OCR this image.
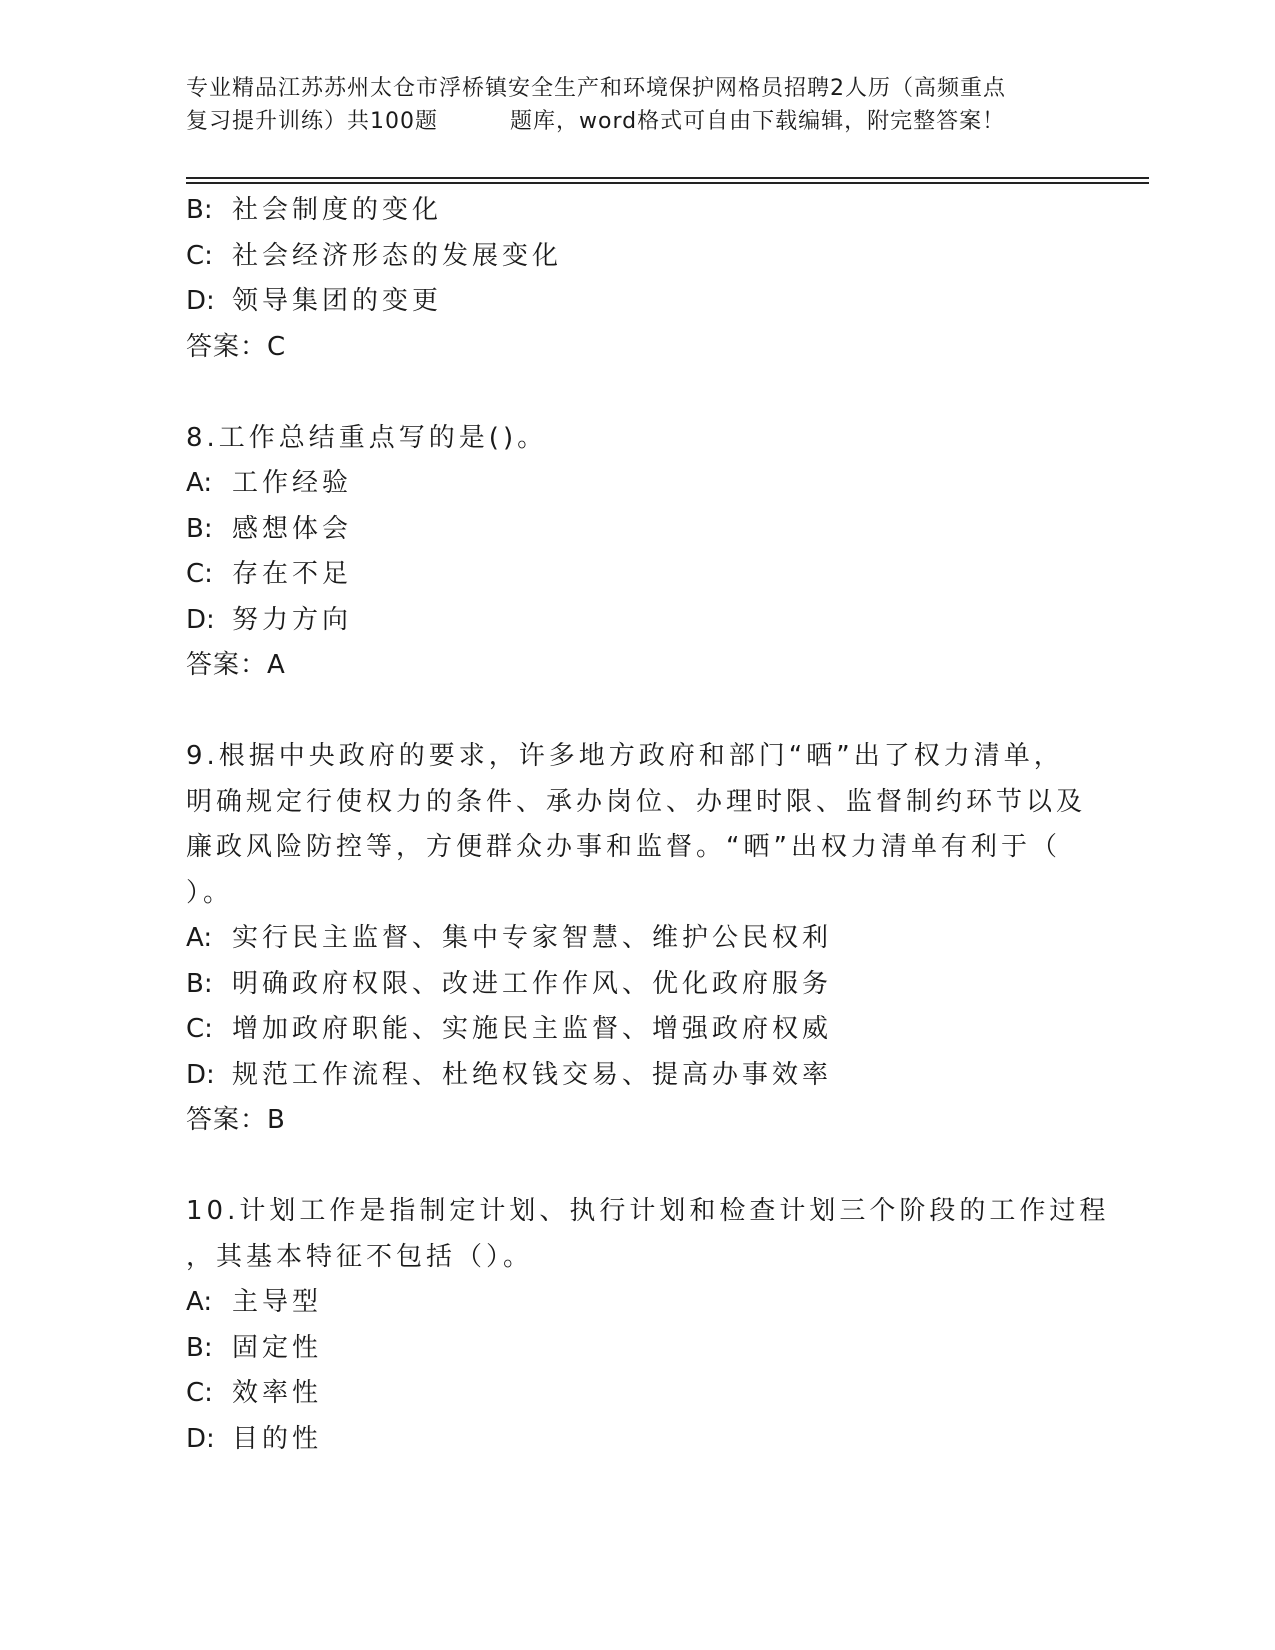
专业精品江苏苏州太仓市浮桥镇安全生产和环境保护网格员招聘2人历（高频重点
复习提升训练）共100题	题库，word格式可自由下载编辑，附完整答案！
B: 社会制度的变化
C: 社会经济形态的发展变化
D: 领导集团的变更
答案：C
8.工作总结重点写的是()。
A: 工作经验
B: 感想体会
C: 存在不足
D: 努力方向
答案：A
9.根据中央政府的要求，许多地方政府和部门“晒”出了权力清单，
明确规定行使权力的条件、承办岗位、办理时限、监督制约环节以及
廉政风险防控等，方便群众办事和监督。“晒”出权力清单有利于（
）。
A: 实行民主监督、集中专家智慧、维护公民权利
B: 明确政府权限、改进工作作风、优化政府服务
C: 增加政府职能、实施民主监督、增强政府权威
D: 规范工作流程、杜绝权钱交易、提高办事效率
答案：B
10.计划工作是指制定计划、执行计划和检查计划三个阶段的工作过程
，其基本特征不包括（）。
A: 主导型
B: 固定性
C: 效率性
D: 目的性
